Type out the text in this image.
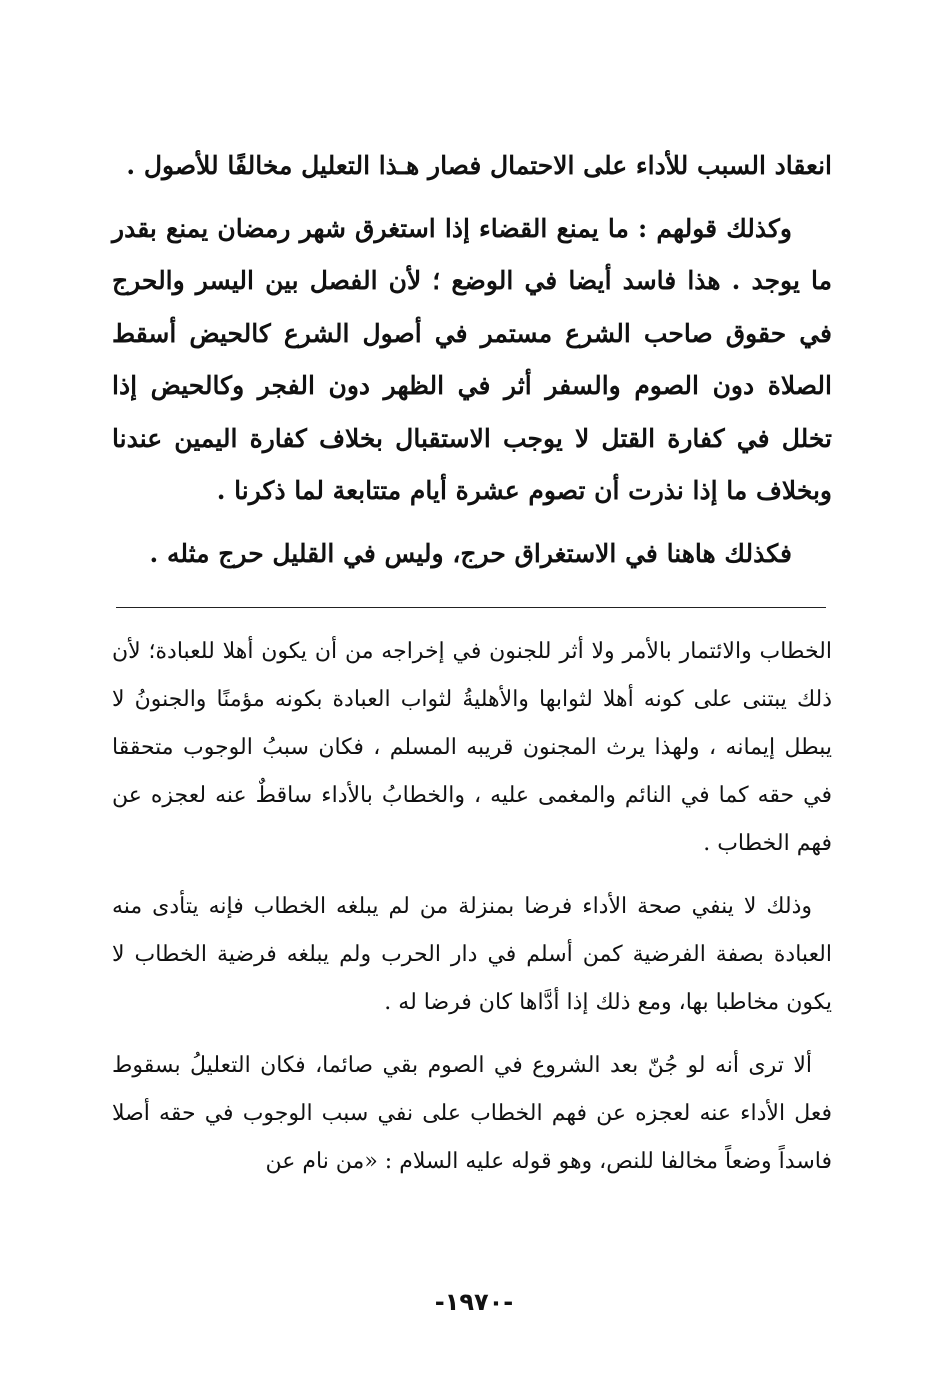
انعقاد السبب للأداء على الاحتمال فصار هـذا التعليل مخالفًا للأصول .

وكذلك قولهم : ما يمنع القضاء إذا استغرق شهر رمضان يمنع بقدر ما يوجد . هذا فاسد أيضا في الوضع ؛ لأن الفصل بين اليسر والحرج في حقوق صاحب الشرع مستمر في أصول الشرع كالحيض أسقط الصلاة دون الصوم والسفر أثر في الظهر دون الفجر وكالحيض إذا تخلل في كفارة القتل لا يوجب الاستقبال بخلاف كفارة اليمين عندنا وبخلاف ما إذا نذرت أن تصوم عشرة أيام متتابعة لما ذكرنا .

فكذلك هاهنا في الاستغراق حرج، وليس في القليل حرج مثله .

الخطاب والائتمار بالأمر ولا أثر للجنون في إخراجه من أن يكون أهلا للعبادة؛ لأن ذلك يبتنى على كونه أهلا لثوابها والأهليةُ لثواب العبادة بكونه مؤمنًا والجنونُ لا يبطل إيمانه ، ولهذا يرث المجنون قريبه المسلم ، فكان سببُ الوجوب متحققا في حقه كما في النائم والمغمى عليه ، والخطابُ بالأداء ساقطٌ عنه لعجزه عن فهم الخطاب .

وذلك لا ينفي صحة الأداء فرضا بمنزلة من لم يبلغه الخطاب فإنه يتأدى منه العبادة بصفة الفرضية كمن أسلم في دار الحرب ولم يبلغه فرضية الخطاب لا يكون مخاطبا بها، ومع ذلك إذا أدَّاها كان فرضا له .

ألا ترى أنه لو جُنّ بعد الشروع في الصوم بقي صائما، فكان التعليلُ بسقوط فعل الأداء عنه لعجزه عن فهم الخطاب على نفي سبب الوجوب في حقه أصلا فاسداً وضعاً مخالفا للنص، وهو قوله عليه السلام : «من نام عن

-١٩٧٠-
